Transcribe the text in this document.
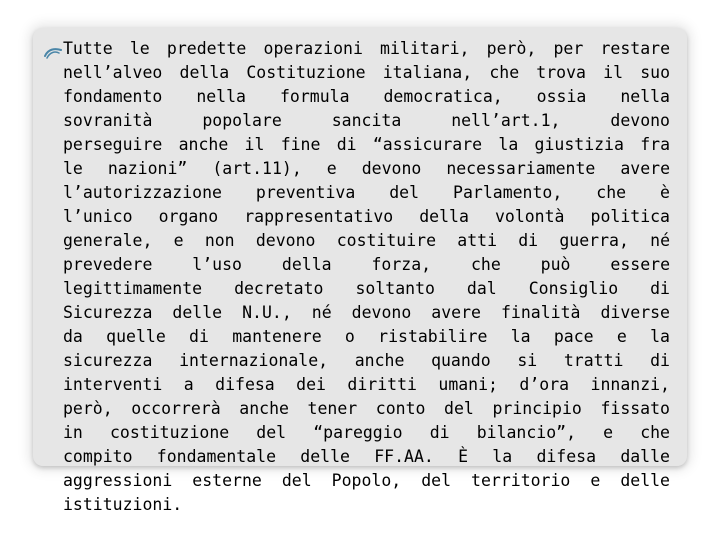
Tutte le predette operazioni militari, però, per restare
nell’alveo della Costituzione italiana, che trova il suo
fondamento nella formula democratica, ossia nella
sovranità popolare sancita nell’art.1, devono
perseguire anche il fine di “assicurare la giustizia fra
le nazioni” (art.11), e devono necessariamente avere
l’autorizzazione preventiva del Parlamento, che è
l’unico organo rappresentativo della volontà politica
generale, e non devono costituire atti di guerra, né
prevedere l’uso della forza, che può essere
legittimamente decretato soltanto dal Consiglio di
Sicurezza delle N.U., né devono avere finalità diverse
da quelle di mantenere o ristabilire la pace e la
sicurezza internazionale, anche quando si tratti di
interventi a difesa dei diritti umani; d’ora innanzi,
però, occorrerà anche tener conto del principio fissato
in costituzione del “pareggio di bilancio”, e che
compito fondamentale delle FF.AA. È la difesa dalle
aggressioni esterne del Popolo, del territorio e delle
istituzioni.
